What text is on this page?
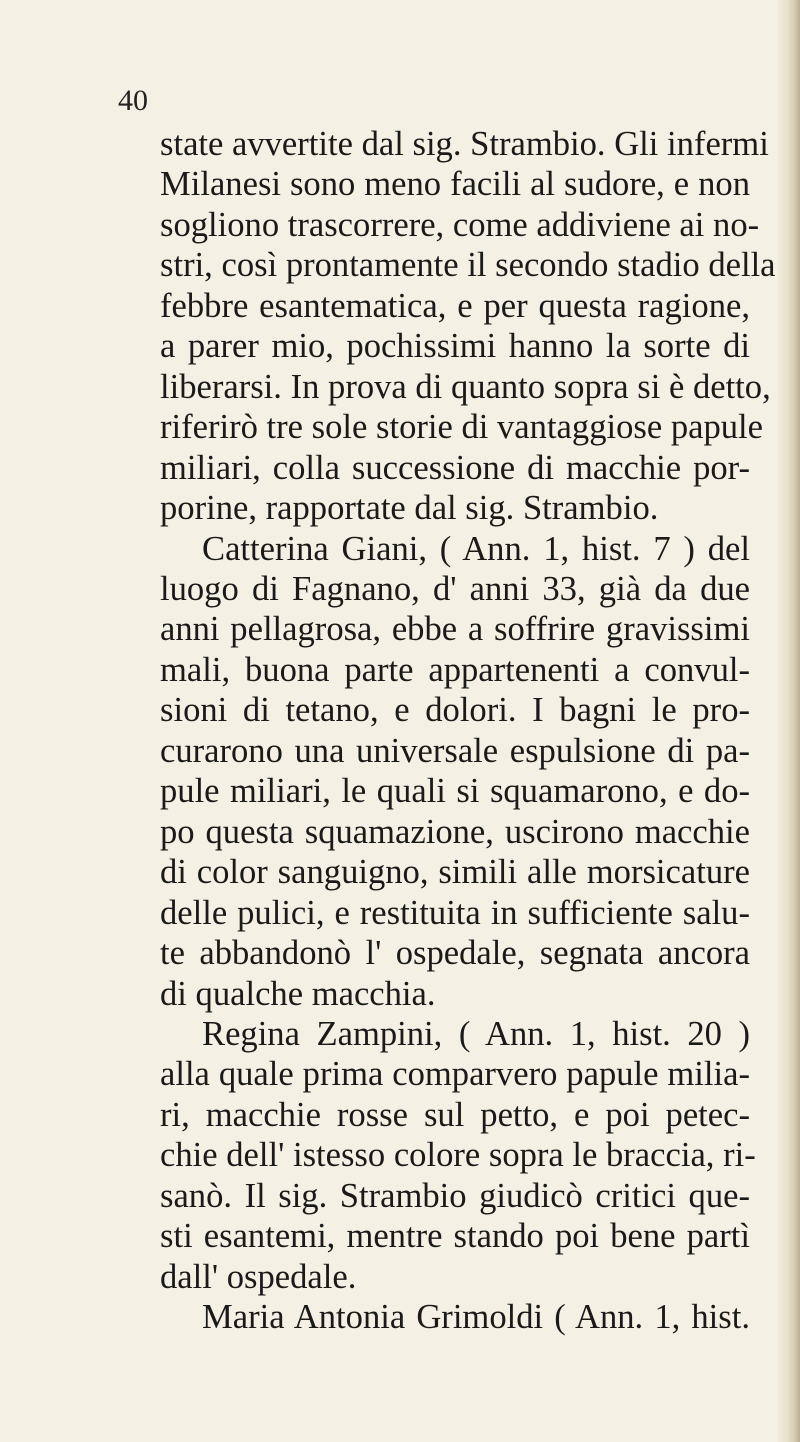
40
state avvertite dal sig. Strambio. Gli infermi
Milanesi sono meno facili al sudore, e non
sogliono trascorrere, come addiviene ai no-
stri, così prontamente il secondo stadio della
febbre esantematica, e per questa ragione,
a parer mio, pochissimi hanno la sorte di
liberarsi. In prova di quanto sopra si è detto,
riferirò tre sole storie di vantaggiose papule
miliari, colla successione di macchie por-
porine, rapportate dal sig. Strambio.
Catterina Giani, ( Ann. 1, hist. 7 ) del
luogo di Fagnano, d' anni 33, già da due
anni pellagrosa, ebbe a soffrire gravissimi
mali, buona parte appartenenti a convul-
sioni di tetano, e dolori. I bagni le pro-
curarono una universale espulsione di pa-
pule miliari, le quali si squamarono, e do-
po questa squamazione, uscirono macchie
di color sanguigno, simili alle morsicature
delle pulici, e restituita in sufficiente salu-
te abbandonò l' ospedale, segnata ancora
di qualche macchia.
Regina Zampini, ( Ann. 1, hist. 20 )
alla quale prima comparvero papule milia-
ri, macchie rosse sul petto, e poi petec-
chie dell' istesso colore sopra le braccia, ri-
sanò. Il sig. Strambio giudicò critici que-
sti esantemi, mentre stando poi bene partì
dall' ospedale.
Maria Antonia Grimoldi ( Ann. 1, hist.
